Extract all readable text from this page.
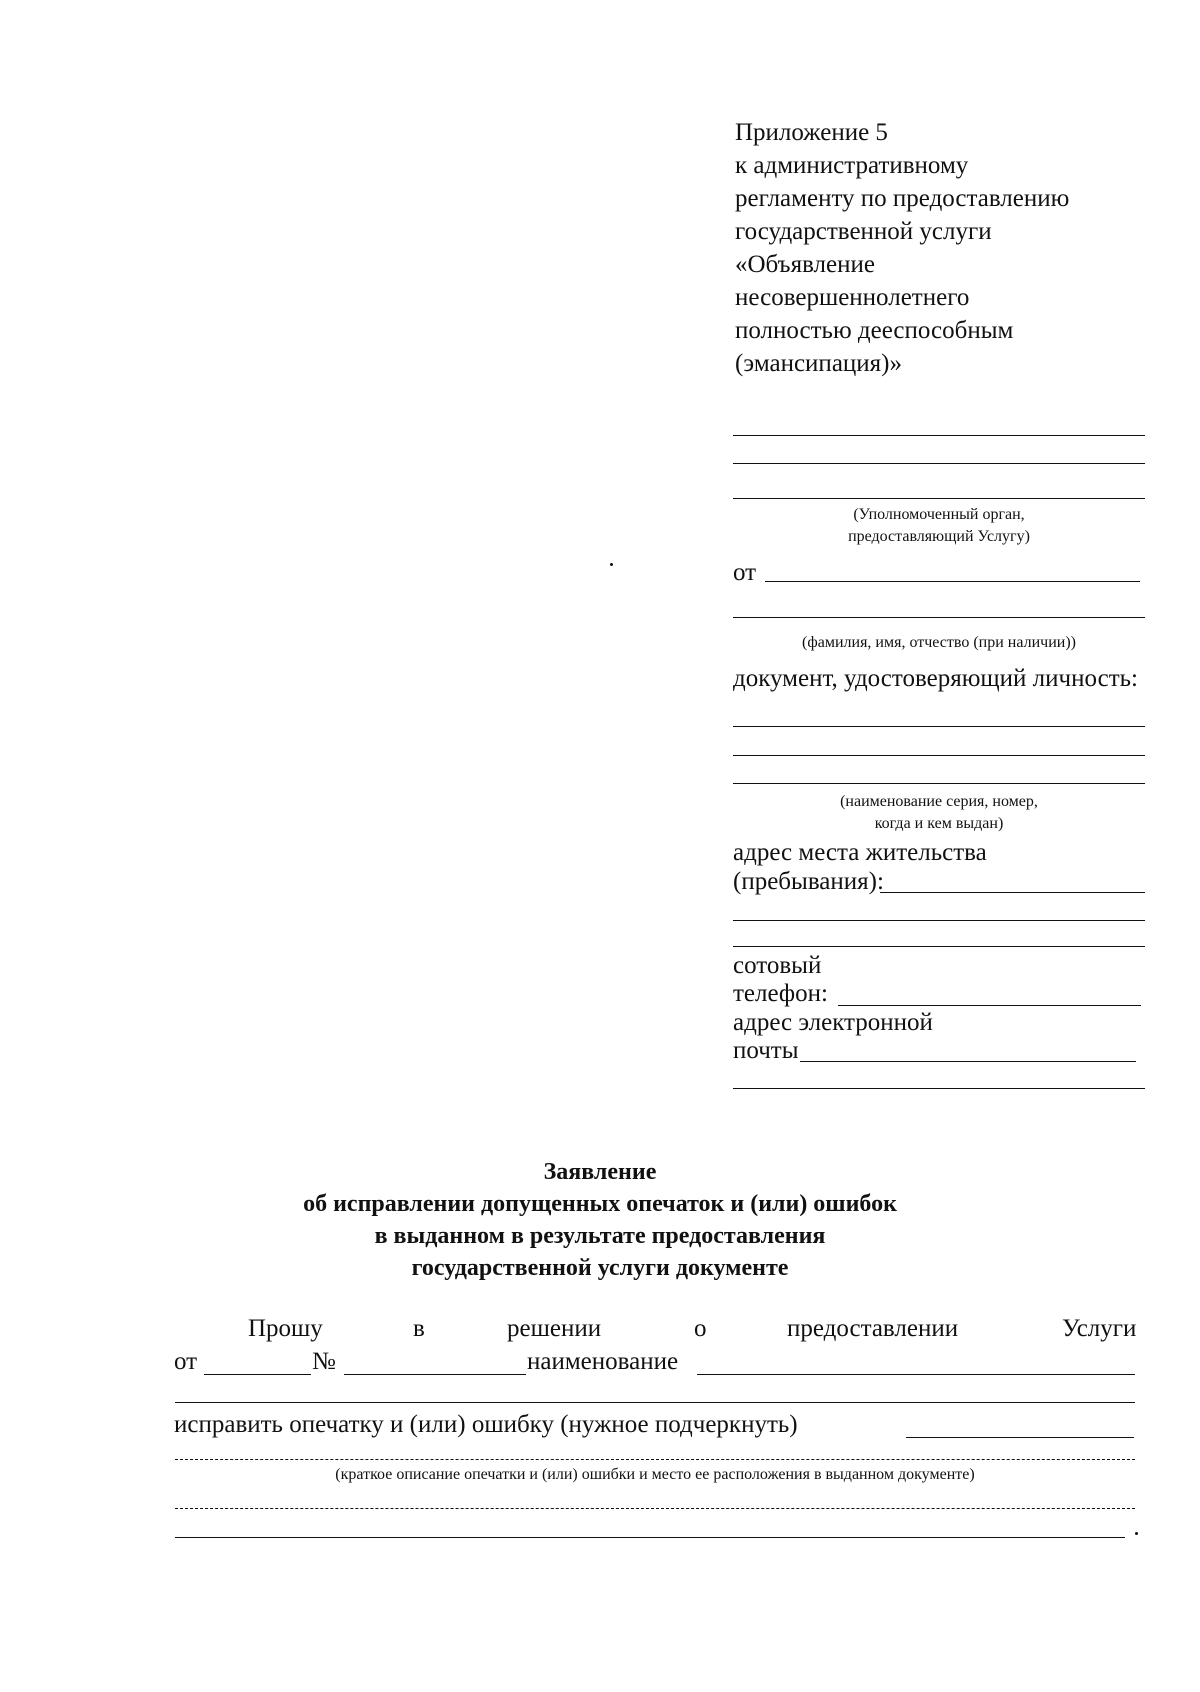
Приложение 5
к административному
регламенту по предоставлению
государственной услуги
«Объявление
несовершеннолетнего
полностью дееспособным
(эмансипация)»
(Уполномоченный орган,
предоставляющий Услугу)
от
(фамилия, имя, отчество (при наличии))
документ, удостоверяющий личность:
(наименование серия, номер,
когда и кем выдан)
адрес места жительства
(пребывания):
сотовый
телефон:
адрес электронной
почты
Заявление
об исправлении допущенных опечаток и (или) ошибок
в выданном в результате предоставления
государственной услуги документе
Прошу	в	решении	о	предоставлении	Услуги
от	№	наименование
исправить опечатку и (или) ошибку (нужное подчеркнуть)
(краткое описание опечатки и (или) ошибки и место ее расположения в выданном документе)
